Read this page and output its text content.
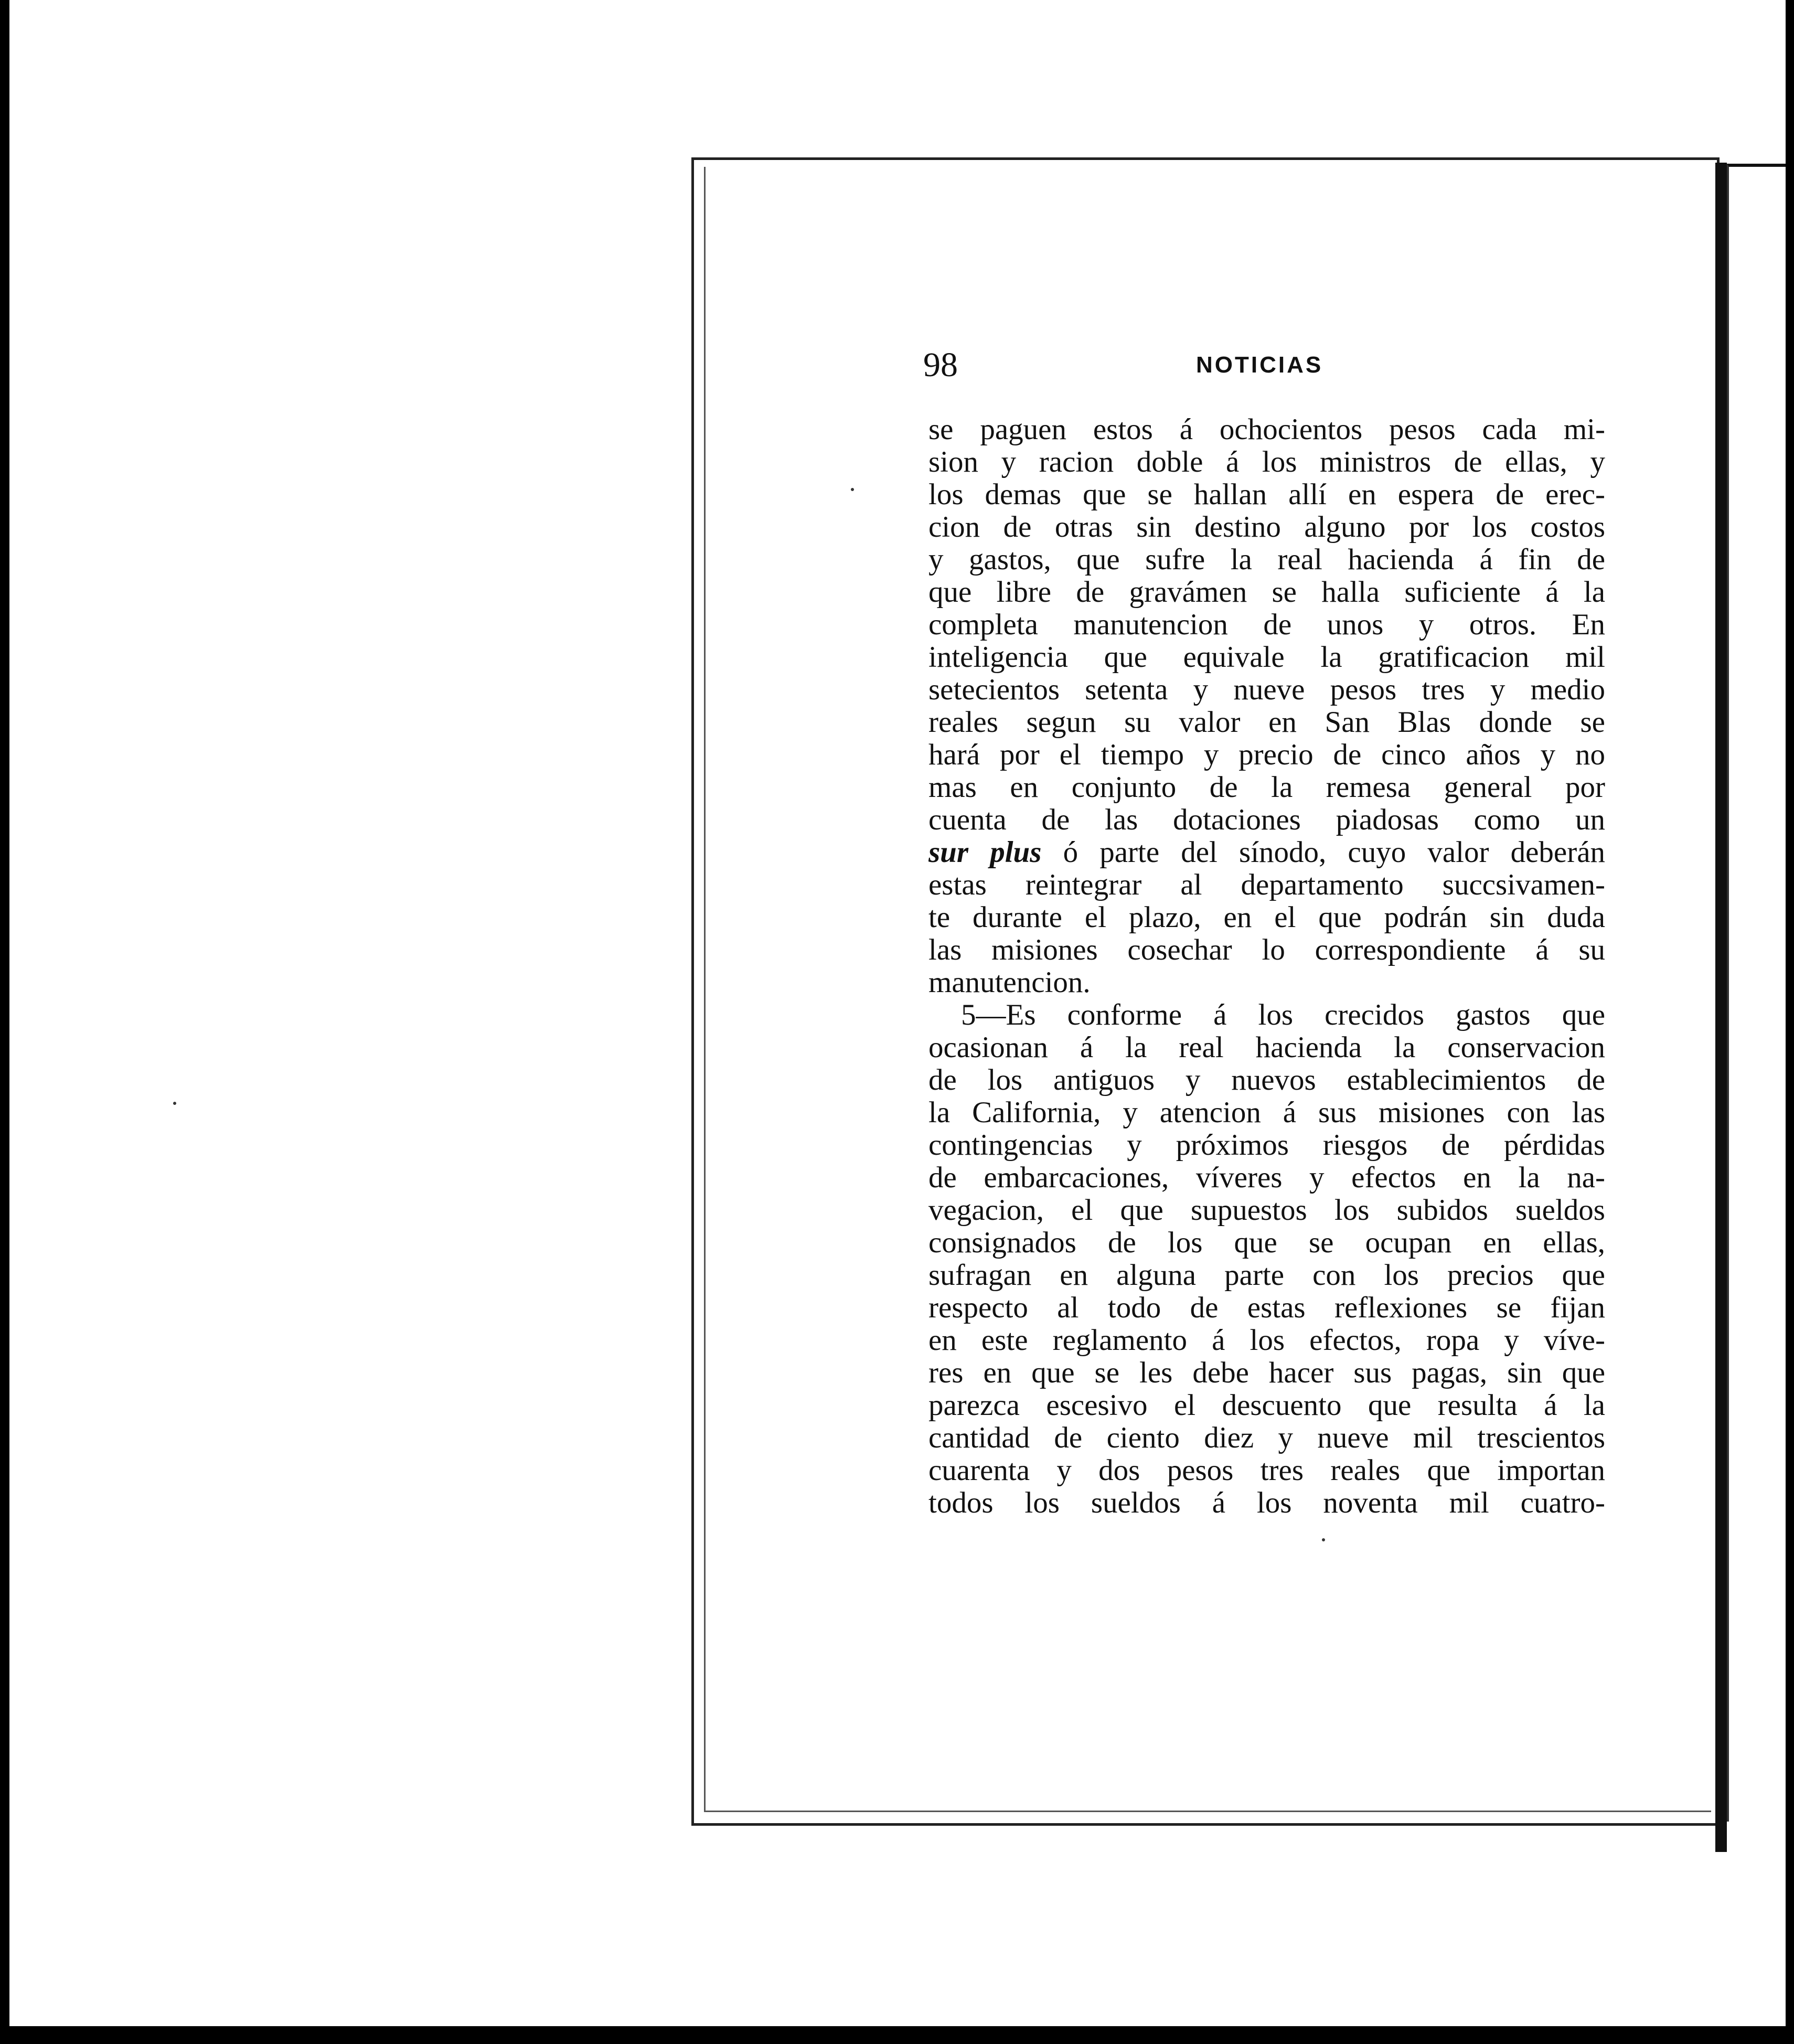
98	NOTICIAS
se paguen estos á ochocientos pesos cada mi-
sion y racion doble á los ministros de ellas, y
los demas que se hallan allí en espera de erec-
cion de otras sin destino alguno por los costos
y gastos, que sufre la real hacienda á fin de
que libre de gravámen se halla suficiente á la
completa manutencion de unos y otros. En
inteligencia que equivale la gratificacion mil
setecientos setenta y nueve pesos tres y medio
reales segun su valor en San Blas donde se
hará por el tiempo y precio de cinco años y no
mas en conjunto de la remesa general por
cuenta de las dotaciones piadosas como un
sur plus ó parte del sínodo, cuyo valor deberán
estas reintegrar al departamento succsivamen-
te durante el plazo, en el que podrán sin duda
las misiones cosechar lo correspondiente á su
manutencion.
5—Es conforme á los crecidos gastos que
ocasionan á la real hacienda la conservacion
de los antiguos y nuevos establecimientos de
la California, y atencion á sus misiones con las
contingencias y próximos riesgos de pérdidas
de embarcaciones, víveres y efectos en la na-
vegacion, el que supuestos los subidos sueldos
consignados de los que se ocupan en ellas,
sufragan en alguna parte con los precios que
respecto al todo de estas reflexiones se fijan
en este reglamento á los efectos, ropa y víve-
res en que se les debe hacer sus pagas, sin que
parezca escesivo el descuento que resulta á la
cantidad de ciento diez y nueve mil trescientos
cuarenta y dos pesos tres reales que importan
todos los sueldos á los noventa mil cuatro-
